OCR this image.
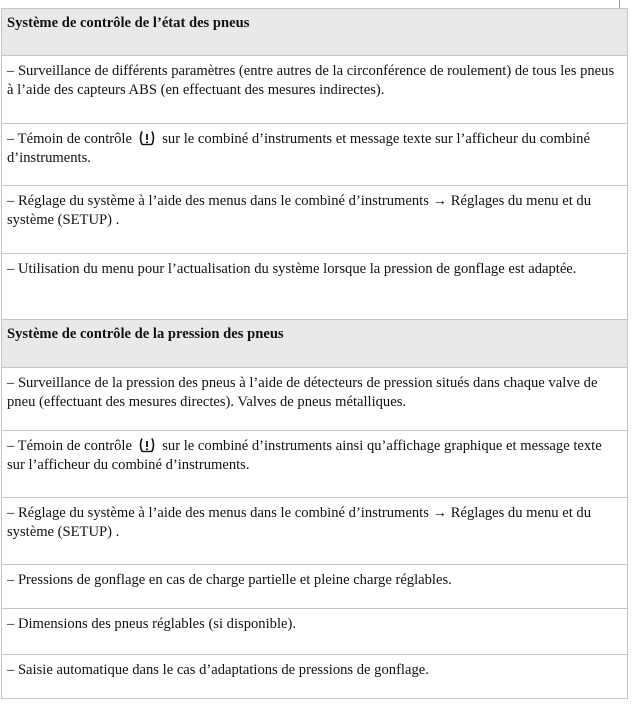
Système de contrôle de l’état des pneus
– Surveillance de différents paramètres (entre autres de la circonférence de roulement) de tous les pneus à l’aide des capteurs ABS (en effectuant des mesures indirectes).
– Témoin de contrôle
sur le combiné d’instruments et message texte sur l’afficheur du combiné d’instruments.
– Réglage du système à l’aide des menus dans le combiné d’instruments → Réglages du menu et du système (SETUP) .
– Utilisation du menu pour l’actualisation du système lorsque la pression de gonflage est adaptée.
Système de contrôle de la pression des pneus
– Surveillance de la pression des pneus à l’aide de détecteurs de pression situés dans chaque valve de pneu (effectuant des mesures directes). Valves de pneus métalliques.
– Témoin de contrôle
sur le combiné d’instruments ainsi qu’affichage graphique et message texte sur l’afficheur du combiné d’instruments.
– Réglage du système à l’aide des menus dans le combiné d’instruments → Réglages du menu et du système (SETUP) .
– Pressions de gonflage en cas de charge partielle et pleine charge réglables.
– Dimensions des pneus réglables (si disponible).
– Saisie automatique dans le cas d’adaptations de pressions de gonflage.
